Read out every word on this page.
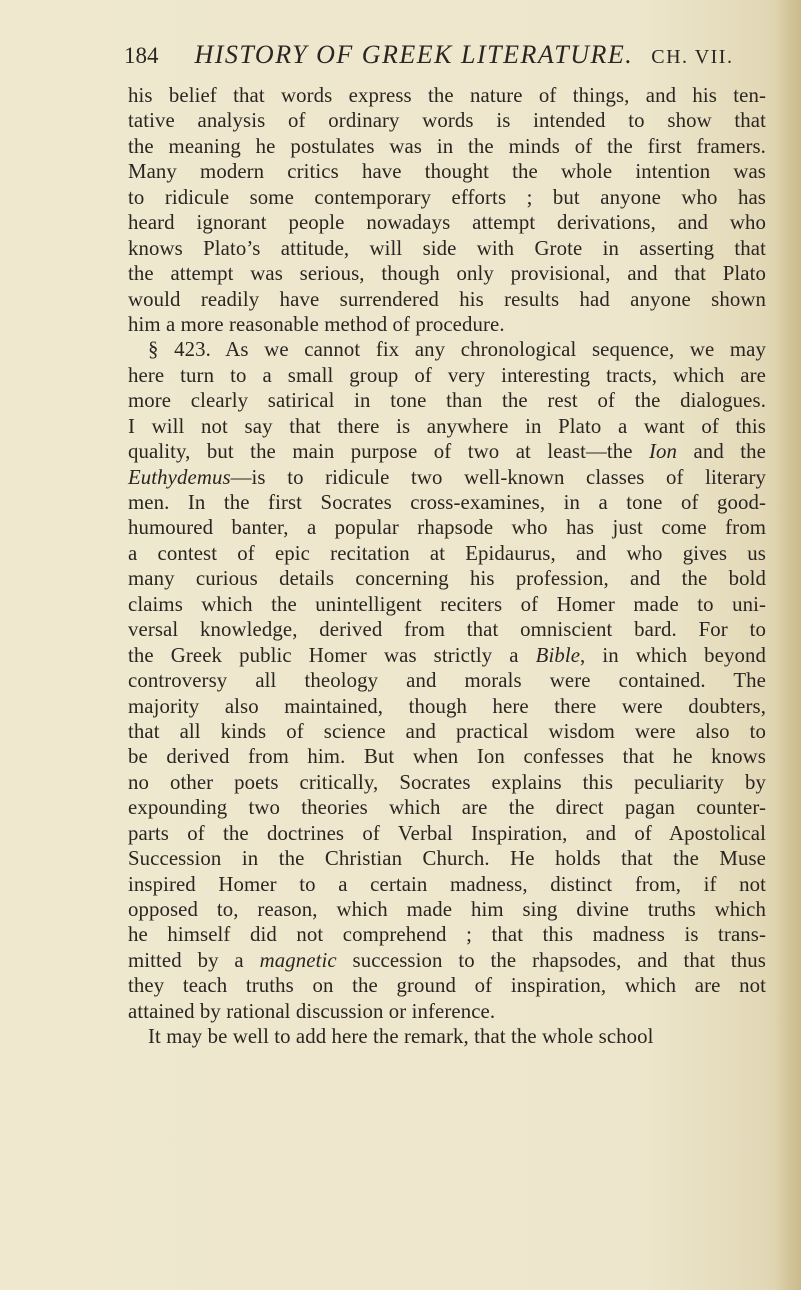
184 HISTORY OF GREEK LITERATURE. CH. VII.
his belief that words express the nature of things, and his ten-
tative analysis of ordinary words is intended to show that
the meaning he postulates was in the minds of the first framers.
Many modern critics have thought the whole intention was
to ridicule some contemporary efforts ; but anyone who has
heard ignorant people nowadays attempt derivations, and who
knows Plato’s attitude, will side with Grote in asserting that
the attempt was serious, though only provisional, and that Plato
would readily have surrendered his results had anyone shown
him a more reasonable method of procedure.
§ 423. As we cannot fix any chronological sequence, we may
here turn to a small group of very interesting tracts, which are
more clearly satirical in tone than the rest of the dialogues.
I will not say that there is anywhere in Plato a want of this
quality, but the main purpose of two at least—the Ion and the
Euthydemus—is to ridicule two well-known classes of literary
men. In the first Socrates cross-examines, in a tone of good-
humoured banter, a popular rhapsode who has just come from
a contest of epic recitation at Epidaurus, and who gives us
many curious details concerning his profession, and the bold
claims which the unintelligent reciters of Homer made to uni-
versal knowledge, derived from that omniscient bard. For to
the Greek public Homer was strictly a Bible, in which beyond
controversy all theology and morals were contained. The
majority also maintained, though here there were doubters,
that all kinds of science and practical wisdom were also to
be derived from him. But when Ion confesses that he knows
no other poets critically, Socrates explains this peculiarity by
expounding two theories which are the direct pagan counter-
parts of the doctrines of Verbal Inspiration, and of Apostolical
Succession in the Christian Church. He holds that the Muse
inspired Homer to a certain madness, distinct from, if not
opposed to, reason, which made him sing divine truths which
he himself did not comprehend ; that this madness is trans-
mitted by a magnetic succession to the rhapsodes, and that thus
they teach truths on the ground of inspiration, which are not
attained by rational discussion or inference.
It may be well to add here the remark, that the whole school
